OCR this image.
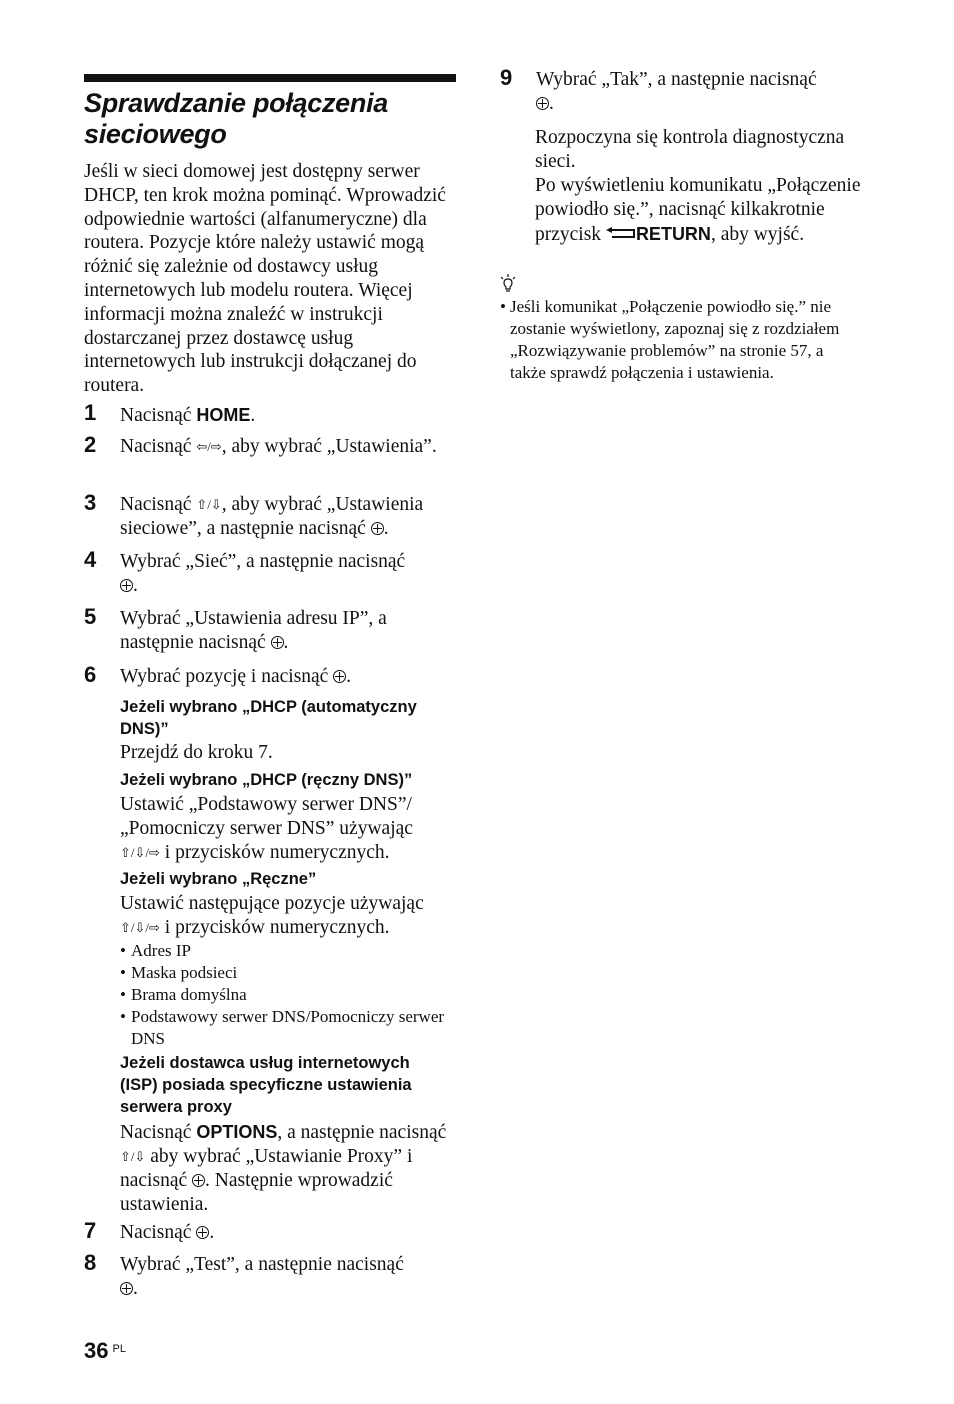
Sprawdzanie połączenia sieciowego

Jeśli w sieci domowej jest dostępny serwer DHCP, ten krok można pominąć. Wprowadzić odpowiednie wartości (alfanumeryczne) dla routera. Pozycje które należy ustawić mogą różnić się zależnie od dostawcy usług internetowych lub modelu routera. Więcej informacji można znaleźć w instrukcji dostarczanej przez dostawcę usług internetowych lub instrukcji dołączanej do routera.

1 Nacisnąć HOME.
2 Nacisnąć ⇦/⇨, aby wybrać „Ustawienia”.
3 Nacisnąć ⇧/⇩, aby wybrać „Ustawienia sieciowe”, a następnie nacisnąć .
4 Wybrać „Sieć”, a następnie nacisnąć
.
5 Wybrać „Ustawienia adresu IP”, a następnie nacisnąć .
6 Wybrać pozycję i nacisnąć .
Jeżeli wybrano „DHCP (automatyczny DNS)”
Przejdź do kroku 7.
Jeżeli wybrano „DHCP (ręczny DNS)”
Ustawić „Podstawowy serwer DNS”/ „Pomocniczy serwer DNS” używając
⇧/⇩/⇨ i przycisków numerycznych.
Jeżeli wybrano „Ręczne”
Ustawić następujące pozycje używając
⇧/⇩/⇨ i przycisków numerycznych.
• Adres IP
• Maska podsieci
• Brama domyślna
• Podstawowy serwer DNS/Pomocniczy serwer DNS
Jeżeli dostawca usług internetowych (ISP) posiada specyficzne ustawienia serwera proxy
Nacisnąć OPTIONS, a następnie nacisnąć ⇧/⇩ aby wybrać „Ustawianie Proxy” i nacisnąć . Następnie wprowadzić ustawienia.
7 Nacisnąć .
8 Wybrać „Test”, a następnie nacisnąć
.
9 Wybrać „Tak”, a następnie nacisnąć
.
Rozpoczyna się kontrola diagnostyczna sieci.
Po wyświetleniu komunikatu „Połączenie powiodło się.”, nacisnąć kilkakrotnie przycisk RETURN, aby wyjść.
• Jeśli komunikat „Połączenie powiodło się.” nie zostanie wyświetlony, zapoznaj się z rozdziałem „Rozwiązywanie problemów” na stronie 57, a także sprawdź połączenia i ustawienia.
36 $^{PL}$
